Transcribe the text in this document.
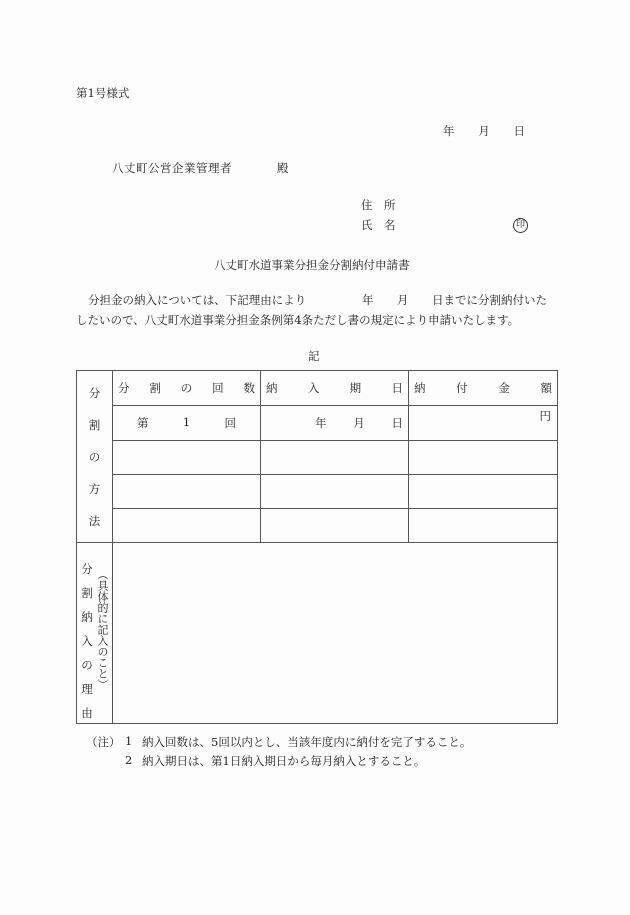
第1号様式
年 月 日
八丈町公営企業管理者	殿
住　所
氏　名	印
八丈町水道事業分担金分割納付申請書
分担金の納入については、下記理由により	年 月 日までに分割納付いた
したいので、八丈町水道事業分担金条例第4条ただし書の規定により申請いたします。
記
分
割
の
方
法

分 割 の 回 数	納	入	期	日	納	付	金	額

	第 1 回	年 月 日	円

分
割
納
入
の
理
由
（具体的に記入のこと）

（注） 1 納入回数は、5回以内とし、当該年度内に納付を完了すること。
2 納入期日は、第1日納入期日から毎月納入とすること。
